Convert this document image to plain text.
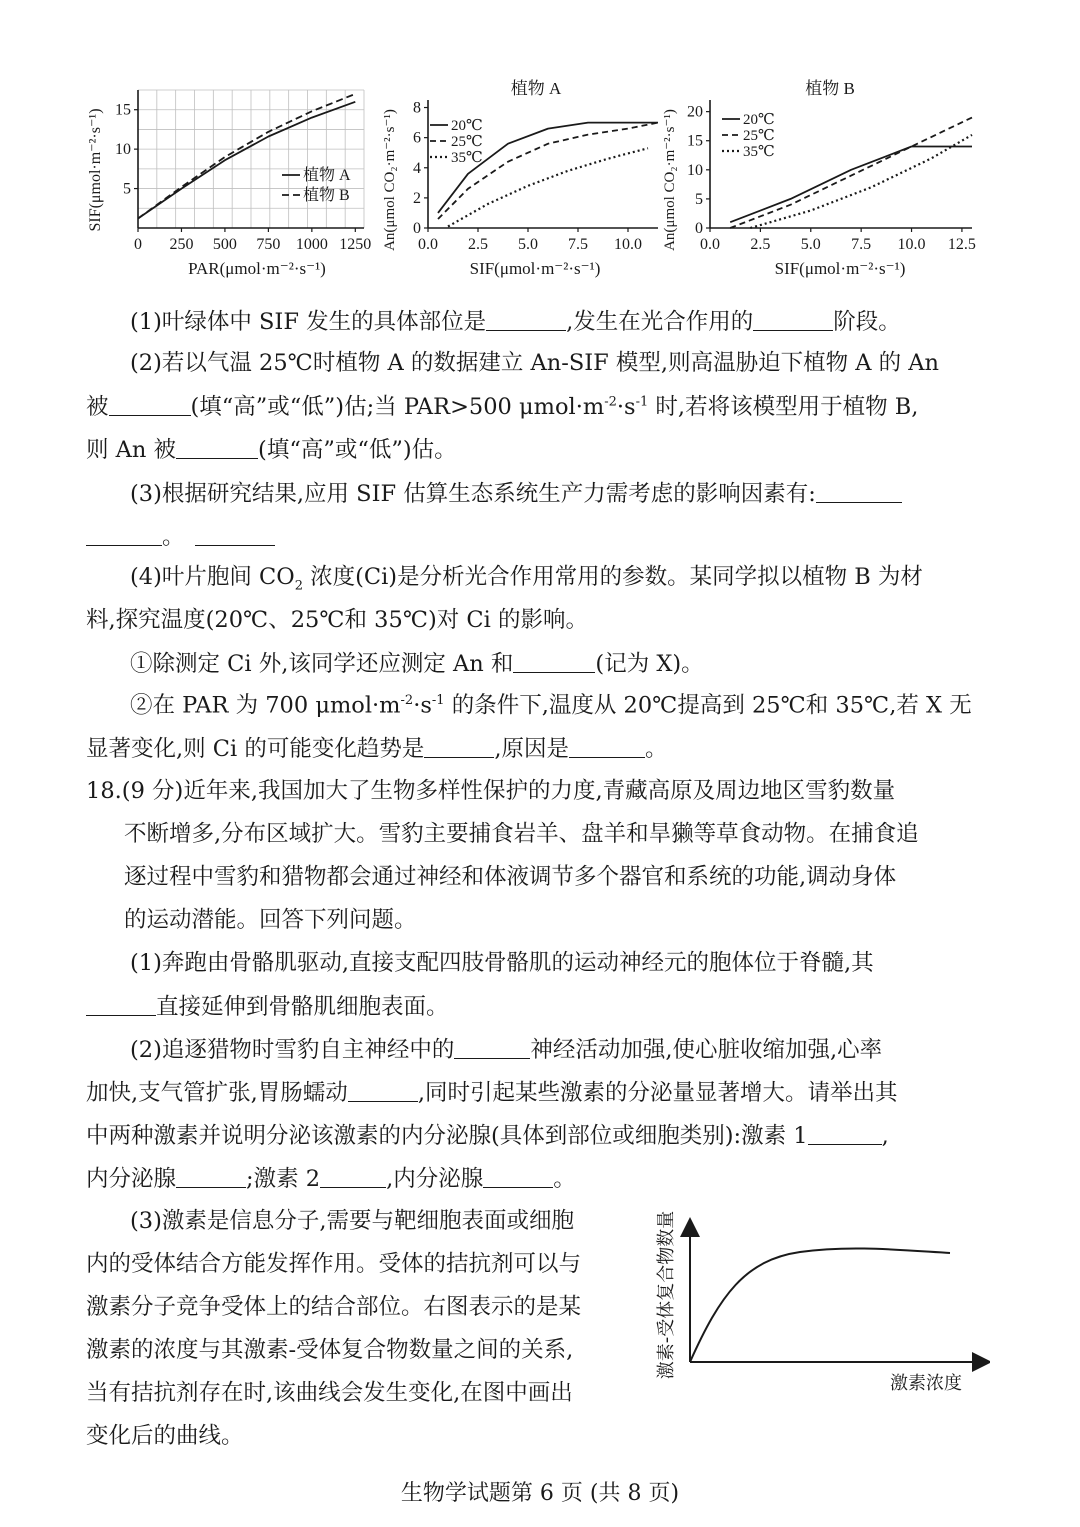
SIF(μmol·m⁻²·s⁻¹)
PAR(μmol·m⁻²·s⁻¹)
0 250 500 750 1000 1250
5
10
15
植物 A
植物 B
植物 A
An(μmol CO₂·m⁻²·s⁻¹)
SIF(μmol·m⁻²·s⁻¹)
0.0 2.5 5.0 7.5 10.0
0
2
4
6
8
20℃
25℃
35℃
植物 B
An(μmol CO₂·m⁻²·s⁻¹)
SIF(μmol·m⁻²·s⁻¹)
0.0 2.5 5.0 7.5 10.0 12.5
0
5
10
15
20	20℃
25℃
35℃
(1)叶绿体中 SIF 发生的具体部位是	,发生在光合作用的	阶段。
(2)若以气温 25℃时植物 A 的数据建立 An-SIF 模型,则高温胁迫下植物 A 的 An
被	(填“高”或“低”)估;当 PAR>500 $\mu mol\cdot m^{-2}\cdot s^{-1}$ 时,若将该模型用于植物 B,
则 An 被	(填“高”或“低”)估。
(3)根据研究结果,应用 SIF 估算生态系统生产力需考虑的影响因素有:
。
(4)叶片胞间 $CO_2$ 浓度(Ci)是分析光合作用常用的参数。某同学拟以植物 B 为材
料,探究温度(20℃、25℃和 35℃)对 Ci 的影响。
①除测定 Ci 外,该同学还应测定 An 和	(记为 X)。
②在 PAR 为 700 $\mu mol\cdot m^{-2}\cdot s^{-1}$ 的条件下,温度从 20℃提高到 25℃和 35℃,若 X 无
显著变化,则 Ci 的可能变化趋势是	,原因是	。
18.(9 分)近年来,我国加大了生物多样性保护的力度,青藏高原及周边地区雪豹数量
不断增多,分布区域扩大。雪豹主要捕食岩羊、盘羊和旱獭等草食动物。在捕食追
逐过程中雪豹和猎物都会通过神经和体液调节多个器官和系统的功能,调动身体
的运动潜能。回答下列问题。
(1)奔跑由骨骼肌驱动,直接支配四肢骨骼肌的运动神经元的胞体位于脊髓,其
直接延伸到骨骼肌细胞表面。
(2)追逐猎物时雪豹自主神经中的	神经活动加强,使心脏收缩加强,心率
加快,支气管扩张,胃肠蠕动	,同时引起某些激素的分泌量显著增大。请举出其
中两种激素并说明分泌该激素的内分泌腺(具体到部位或细胞类别):激素 1	,
内分泌腺	;激素 2	,内分泌腺	。
(3)激素是信息分子,需要与靶细胞表面或细胞
内的受体结合方能发挥作用。受体的拮抗剂可以与
激素分子竞争受体上的结合部位。右图表示的是某
激素的浓度与其激素-受体复合物数量之间的关系,
当有拮抗剂存在时,该曲线会发生变化,在图中画出
变化后的曲线。
激素-受体复合物数量
激素浓度
生物学试题第 6 页 (共 8 页)
